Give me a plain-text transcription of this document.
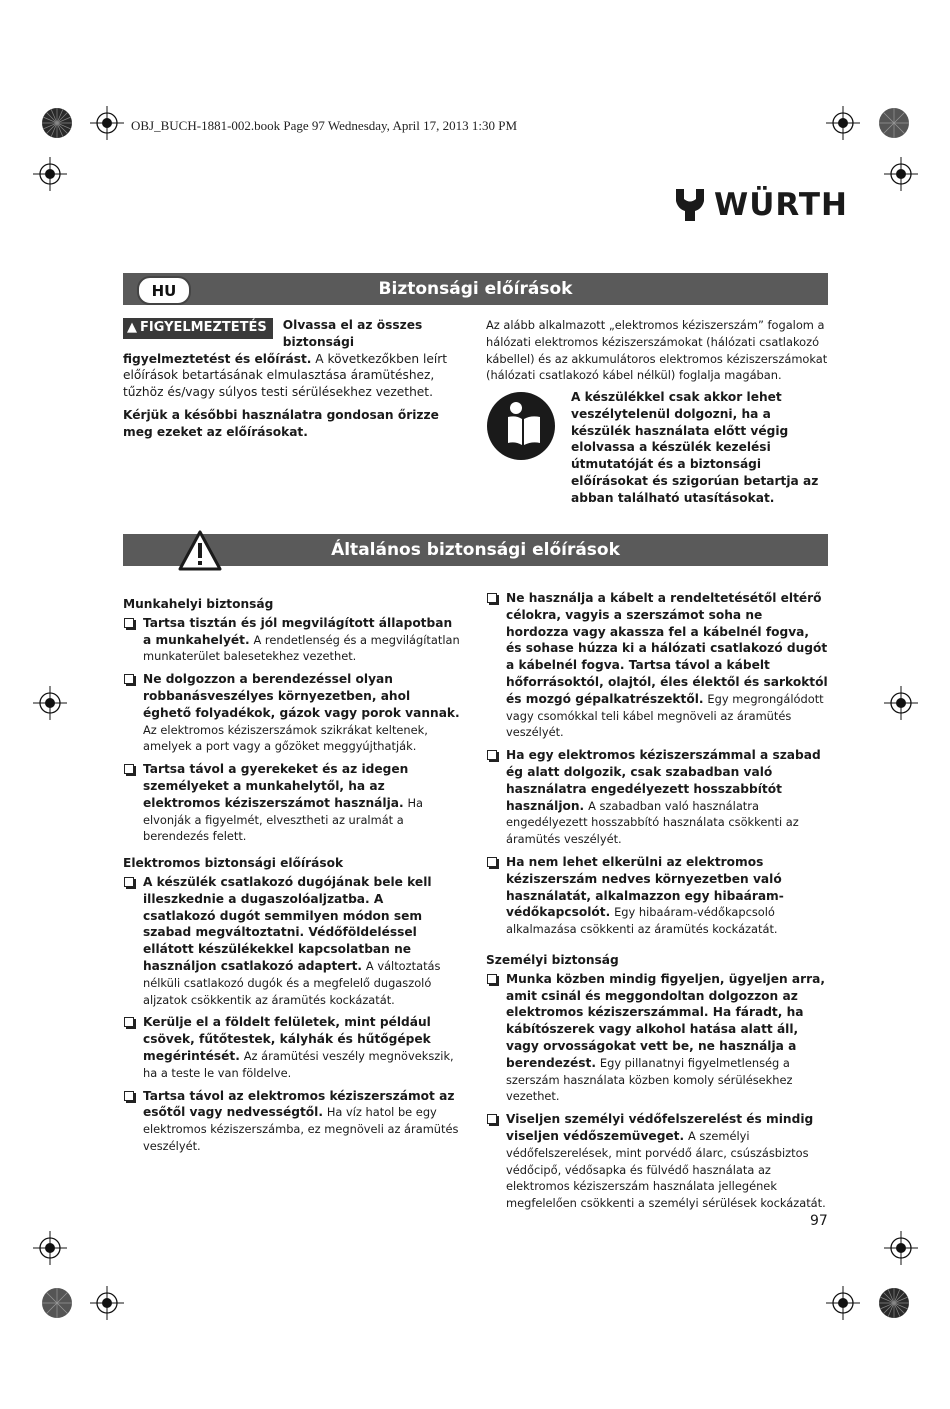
OBJ_BUCH-1881-002.book Page 97 Wednesday, April 17, 2013 1:30 PM
WÜRTH
Biztonsági előírások
HU

▲ FIGYELMEZTETÉS Olvassa el az összes biztonsági figyelmeztetést és előírást. A következőkben leírt előírások betartásának elmulasztása áramütéshez, tűzhöz és/vagy súlyos testi sérülésekhez vezethet.

Kérjük a későbbi használatra gondosan őrizze meg ezeket az előírásokat.

Az alább alkalmazott „elektromos kéziszerszám” fogalom a hálózati elektromos kéziszerszámokat (hálózati csatlakozó kábellel) és az akkumulátoros elektromos kéziszerszámokat (hálózati csatlakozó kábel nélkül) foglalja magában.

A készülékkel csak akkor lehet veszélytelenül dolgozni, ha a készülék használata előtt végig elolvassa a készülék kezelési útmutatóját és a biztonsági előírásokat és szigorúan betartja az abban található utasításokat.
Általános biztonsági előírások
Munkahelyi biztonság
Tartsa tisztán és jól megvilágított állapotban a munkahelyét. A rendetlenség és a megvilágítatlan munkaterület balesetekhez vezethet.
Ne dolgozzon a berendezéssel olyan robbanásveszélyes környezetben, ahol éghető folyadékok, gázok vagy porok vannak. Az elektromos kéziszerszámok szikrákat keltenek, amelyek a port vagy a gőzöket meggyújthatják.
Tartsa távol a gyerekeket és az idegen személyeket a munkahelytől, ha az elektromos kéziszerszámot használja. Ha elvonják a figyelmét, elvesztheti az uralmát a berendezés felett.
Elektromos biztonsági előírások
A készülék csatlakozó dugójának bele kell illeszkednie a dugaszolóaljzatba. A csatlakozó dugót semmilyen módon sem szabad megváltoztatni. Védőföldeléssel ellátott készülékekkel kapcsolatban ne használjon csatlakozó adaptert. A változtatás nélküli csatlakozó dugók és a megfelelő dugaszoló aljzatok csökkentik az áramütés kockázatát.
Kerülje el a földelt felületek, mint például csövek, fűtőtestek, kályhák és hűtőgépek megérintését. Az áramütési veszély megnövekszik, ha a teste le van földelve.
Tartsa távol az elektromos kéziszerszámot az esőtől vagy nedvességtől. Ha víz hatol be egy elektromos kéziszerszámba, ez megnöveli az áramütés veszélyét.
Ne használja a kábelt a rendeltetésétől eltérő célokra, vagyis a szerszámot soha ne hordozza vagy akassza fel a kábelnél fogva, és sohase húzza ki a hálózati csatlakozó dugót a kábelnél fogva. Tartsa távol a kábelt hőforrásoktól, olajtól, éles élektől és sarkoktól és mozgó gépalkatrészektől. Egy megrongálódott vagy csomókkal teli kábel megnöveli az áramütés veszélyét.
Ha egy elektromos kéziszerszámmal a szabad ég alatt dolgozik, csak szabadban való használatra engedélyezett hosszabbítót használjon. A szabadban való használatra engedélyezett hosszabbító használata csökkenti az áramütés veszélyét.
Ha nem lehet elkerülni az elektromos kéziszerszám nedves környezetben való használatát, alkalmazzon egy hibaáram-védőkapcsolót. Egy hibaáram-védőkapcsoló alkalmazása csökkenti az áramütés kockázatát.
Személyi biztonság
Munka közben mindig figyeljen, ügyeljen arra, amit csinál és meggondoltan dolgozzon az elektromos kéziszerszámmal. Ha fáradt, ha kábítószerek vagy alkohol hatása alatt áll, vagy orvosságokat vett be, ne használja a berendezést. Egy pillanatnyi figyelmetlenség a szerszám használata közben komoly sérülésekhez vezethet.
Viseljen személyi védőfelszerelést és mindig viseljen védőszemüveget. A személyi védőfelszerelések, mint porvédő álarc, csúszásbiztos védőcipő, védősapka és fülvédő használata az elektromos kéziszerszám használata jellegének megfelelően csökkenti a személyi sérülések kockázatát.
97
